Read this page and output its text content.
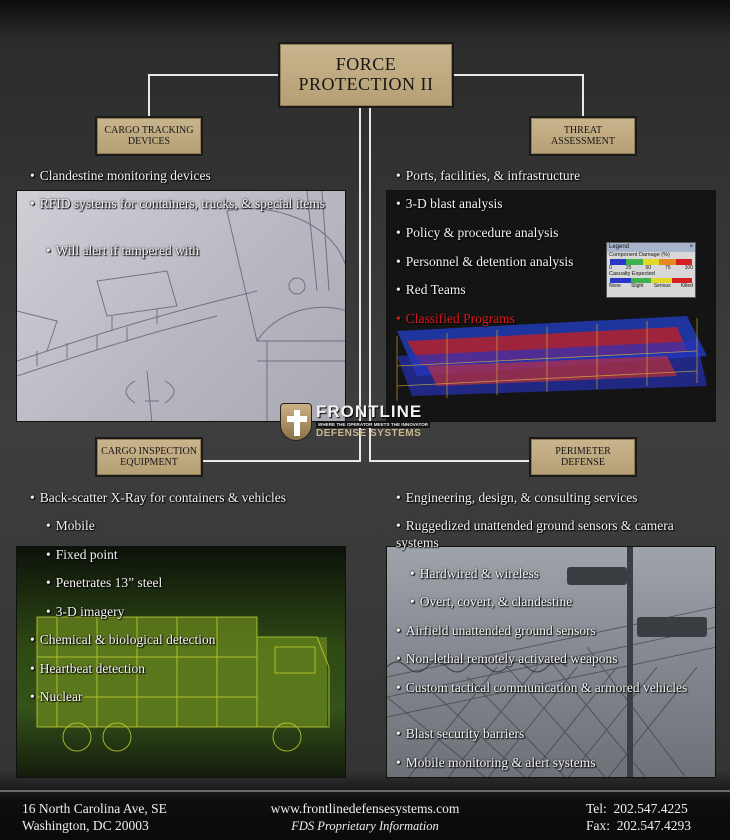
FORCE
PROTECTION II
CARGO TRACKING
DEVICES
THREAT
ASSESSMENT
CARGO INSPECTION
EQUIPMENT
PERIMETER
DEFENSE
Legend	×
Component Damage (%)
0	25	50	75	100
Casualty Expected
None Slight Serious Killed
• Clandestine monitoring devices
• RFID systems for containers, trucks, & special items
• Will alert if tampered with
• Ports, facilities, & infrastructure
• 3-D blast analysis
• Policy & procedure analysis
• Personnel & detention analysis
• Red Teams
• Classified Programs
• Back-scatter X-Ray for containers & vehicles
• Mobile
• Fixed point
• Penetrates 13” steel
• 3-D imagery
• Chemical & biological detection
• Heartbeat detection
• Nuclear
• Engineering, design, & consulting services
• Ruggedized unattended ground sensors & camera systems
• Hardwired & wireless
• Overt, covert, & clandestine
• Airfield unattended ground sensors
• Non-lethal remotely activated weapons
• Custom tactical communication & armored vehicles
• Blast security barriers
• Mobile monitoring & alert systems
FRONTLINE
WHERE THE OPERATOR MEETS THE INNOVATOR
DEFENSE SYSTEMS
16 North Carolina Ave, SE
Washington, DC 20003
www.frontlinedefensesystems.com
FDS Proprietary Information
Tel:  202.547.4225
Fax:  202.547.4293
